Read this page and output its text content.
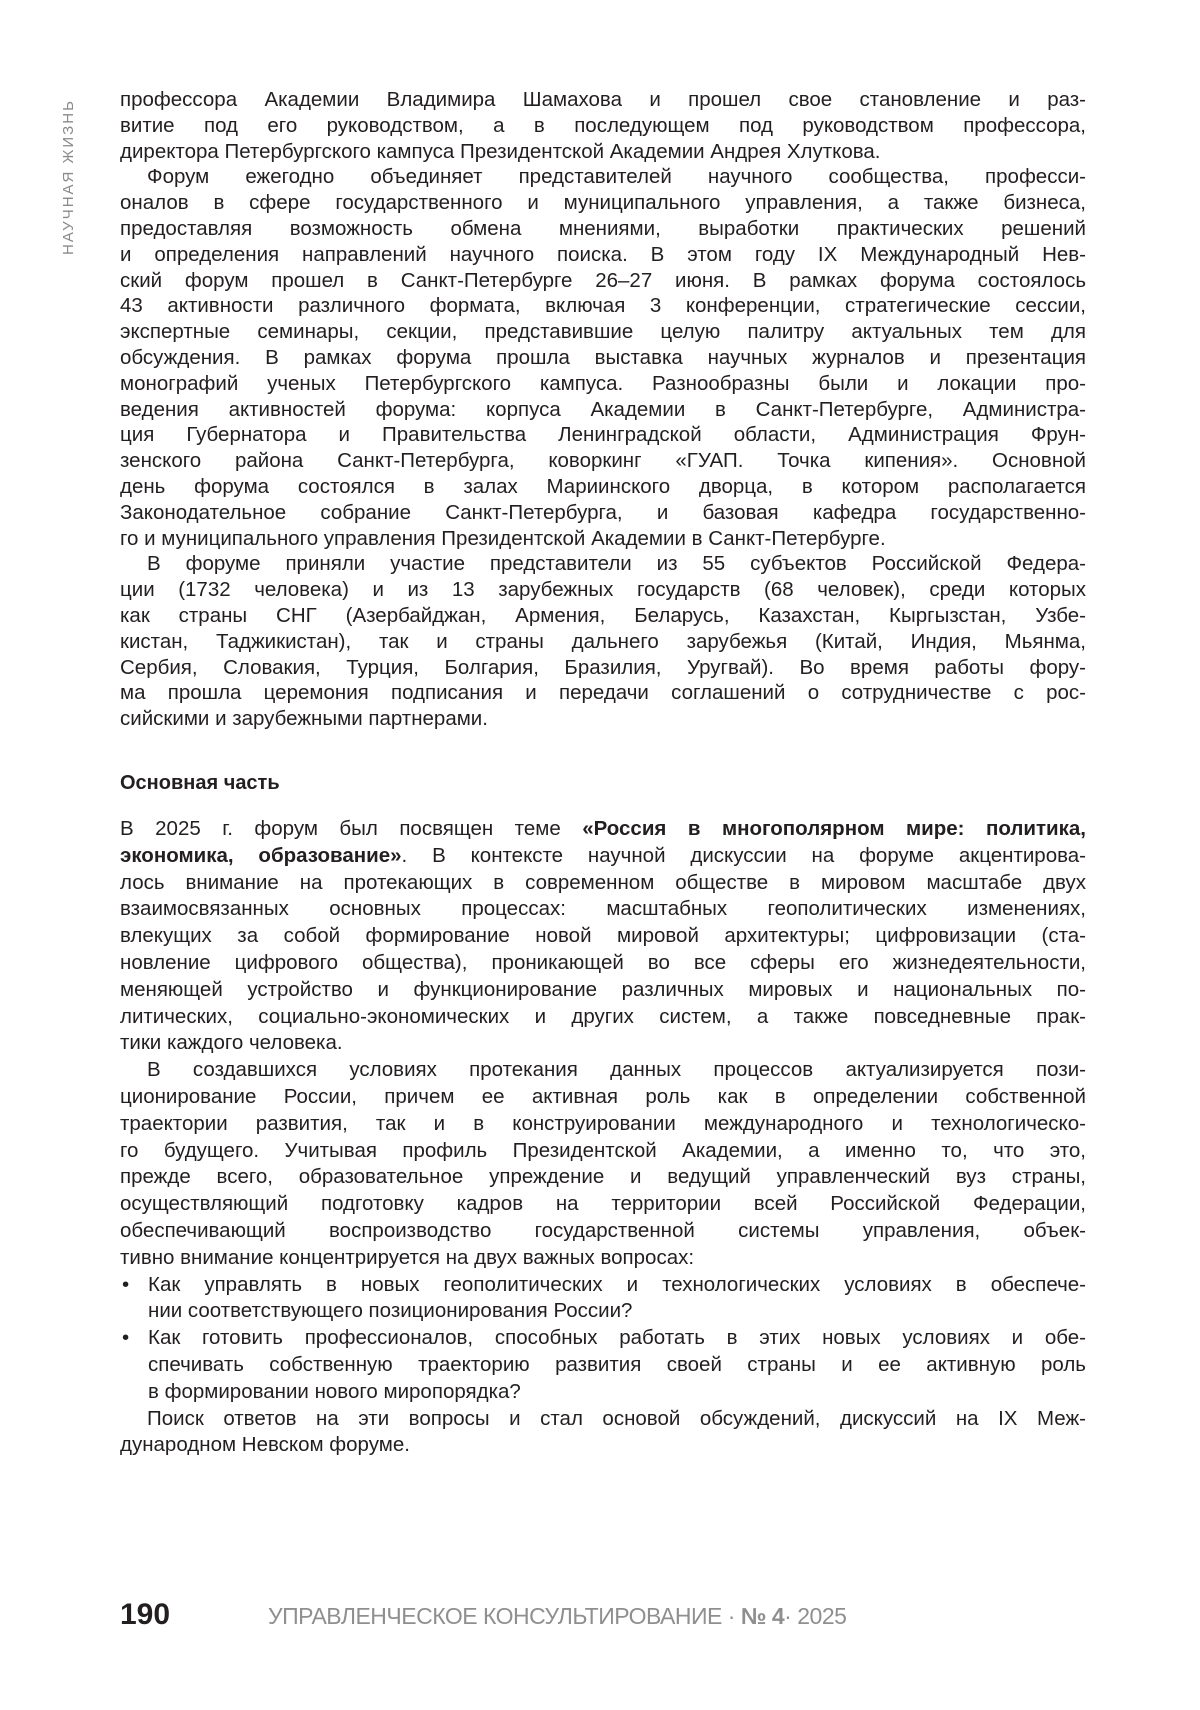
НАУЧНАЯ ЖИЗНЬ профессора Академии Владимира Шамахова и прошел свое становление и раз-
витие под его руководством, а в последующем под руководством профессора,
директора Петербургского кампуса Президентской Академии Андрея Хлуткова.
Форум ежегодно объединяет представителей научного сообщества, професси-
оналов в сфере государственного и муниципального управления, а также бизнеса,
предоставляя возможность обмена мнениями, выработки практических решений
и определения направлений научного поиска. В этом году IX Международный Нев-
ский форум прошел в Санкт-Петербурге 26–27 июня. В рамках форума состоялось
43 активности различного формата, включая 3 конференции, стратегические сессии,
экспертные семинары, секции, представившие целую палитру актуальных тем для
обсуждения. В рамках форума прошла выставка научных журналов и презентация
монографий ученых Петербургского кампуса. Разнообразны были и локации про-
ведения активностей форума: корпуса Академии в Санкт-Петербурге, Администра-
ция Губернатора и Правительства Ленинградской области, Администрация Фрун-
зенского района Санкт-Петербурга, коворкинг «ГУАП. Точка кипения». Основной
день форума состоялся в залах Мариинского дворца, в котором располагается
Законодательное собрание Санкт-Петербурга, и базовая кафедра государственно-
го и муниципального управления Президентской Академии в Санкт-Петербурге.
В форуме приняли участие представители из 55 субъектов Российской Федера-
ции (1732 человека) и из 13 зарубежных государств (68 человек), среди которых
как страны СНГ (Азербайджан, Армения, Беларусь, Казахстан, Кыргызстан, Узбе-
кистан, Таджикистан), так и страны дальнего зарубежья (Китай, Индия, Мьянма,
Сербия, Словакия, Турция, Болгария, Бразилия, Уругвай). Во время работы фору-
ма прошла церемония подписания и передачи соглашений о сотрудничестве с рос-
сийскими и зарубежными партнерами.
Основная часть
В 2025 г. форум был посвящен теме «Россия в многополярном мире: политика,
экономика, образование». В контексте научной дискуссии на форуме акцентирова-
лось внимание на протекающих в современном обществе в мировом масштабе двух
взаимосвязанных основных процессах: масштабных геополитических изменениях,
влекущих за собой формирование новой мировой архитектуры; цифровизации (ста-
новление цифрового общества), проникающей во все сферы его жизнедеятельности,
меняющей устройство и функционирование различных мировых и национальных по-
литических, социально-экономических и других систем, а также повседневные прак-
тики каждого человека.
В создавшихся условиях протекания данных процессов актуализируется пози-
ционирование России, причем ее активная роль как в определении собственной
траектории развития, так и в конструировании международного и технологическо-
го будущего. Учитывая профиль Президентской Академии, а именно то, что это,
прежде всего, образовательное упреждение и ведущий управленческий вуз страны,
осуществляющий подготовку кадров на территории всей Российской Федерации,
обеспечивающий воспроизводство государственной системы управления, объек-
тивно внимание концентрируется на двух важных вопросах:
• Как управлять в новых геополитических и технологических условиях в обеспече-
нии соответствующего позиционирования России?
• Как готовить профессионалов, способных работать в этих новых условиях и обе-
спечивать собственную траекторию развития своей страны и ее активную роль
в формировании нового миропорядка?
Поиск ответов на эти вопросы и стал основой обсуждений, дискуссий на IX Меж-
дународном Невском форуме.
190	УПРАВЛЕНЧЕСКОЕ КОНСУЛЬТИРОВАНИЕ · № 4· 2025
